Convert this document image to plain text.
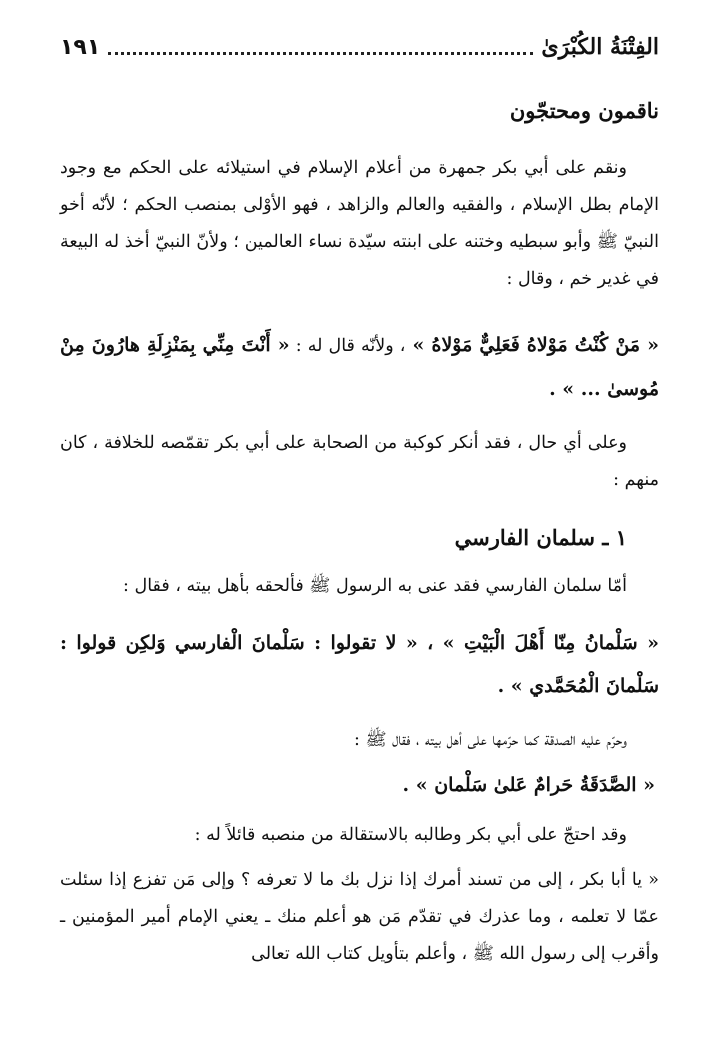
الفِتْنَةُ الكُبْرَىٰ
١٩١
ناقمون ومحتجّون
ونقم على أبي بكر جمهرة من أعلام الإسلام في استيلائه على الحكم مع وجود الإمام بطل الإسلام ، والفقيه والعالم والزاهد ، فهو الأوْلى بمنصب الحكم ؛ لأنّه أخو النبيّ ﷺ وأبو سبطيه وختنه على ابنته سيّدة نساء العالمين ؛ ولأنّ النبيّ أخذ له البيعة في غدير خم ، وقال :
« مَنْ كُنْتُ مَوْلاهُ فَعَلِيٌّ مَوْلاهُ » ، ولأنّه قال له : « أَنْتَ مِنِّي بِمَنْزِلَةِ هارُونَ مِنْ مُوسىٰ ... » .
وعلى أي حال ، فقد أنكر كوكبة من الصحابة على أبي بكر تقمّصه للخلافة ، كان منهم :
١ ـ سلمان الفارسي
أمّا سلمان الفارسي فقد عنى به الرسول ﷺ فألحقه بأهل بيته ، فقال :
« سَلْمانُ مِنّا أَهْلَ الْبَيْتِ » ، « لا تقولوا : سَلْمانَ الْفارسي وَلكِن قولوا : سَلْمانَ الْمُحَمَّدي » .
وحرّم عليه الصدقة كما حرّمها على أهل بيته ، فقال ﷺ :
« الصَّدَقَةُ حَرامٌ عَلىٰ سَلْمان » .
وقد احتجّ على أبي بكر وطالبه بالاستقالة من منصبه قائلاً له :
« يا أبا بكر ، إلى من تسند أمرك إذا نزل بك ما لا تعرفه ؟ وإلى مَن تفزع إذا سئلت عمّا لا تعلمه ، وما عذرك في تقدّم مَن هو أعلم منك ـ يعني الإمام أمير المؤمنين ـ وأقرب إلى رسول الله ﷺ ، وأعلم بتأويل كتاب الله تعالى
